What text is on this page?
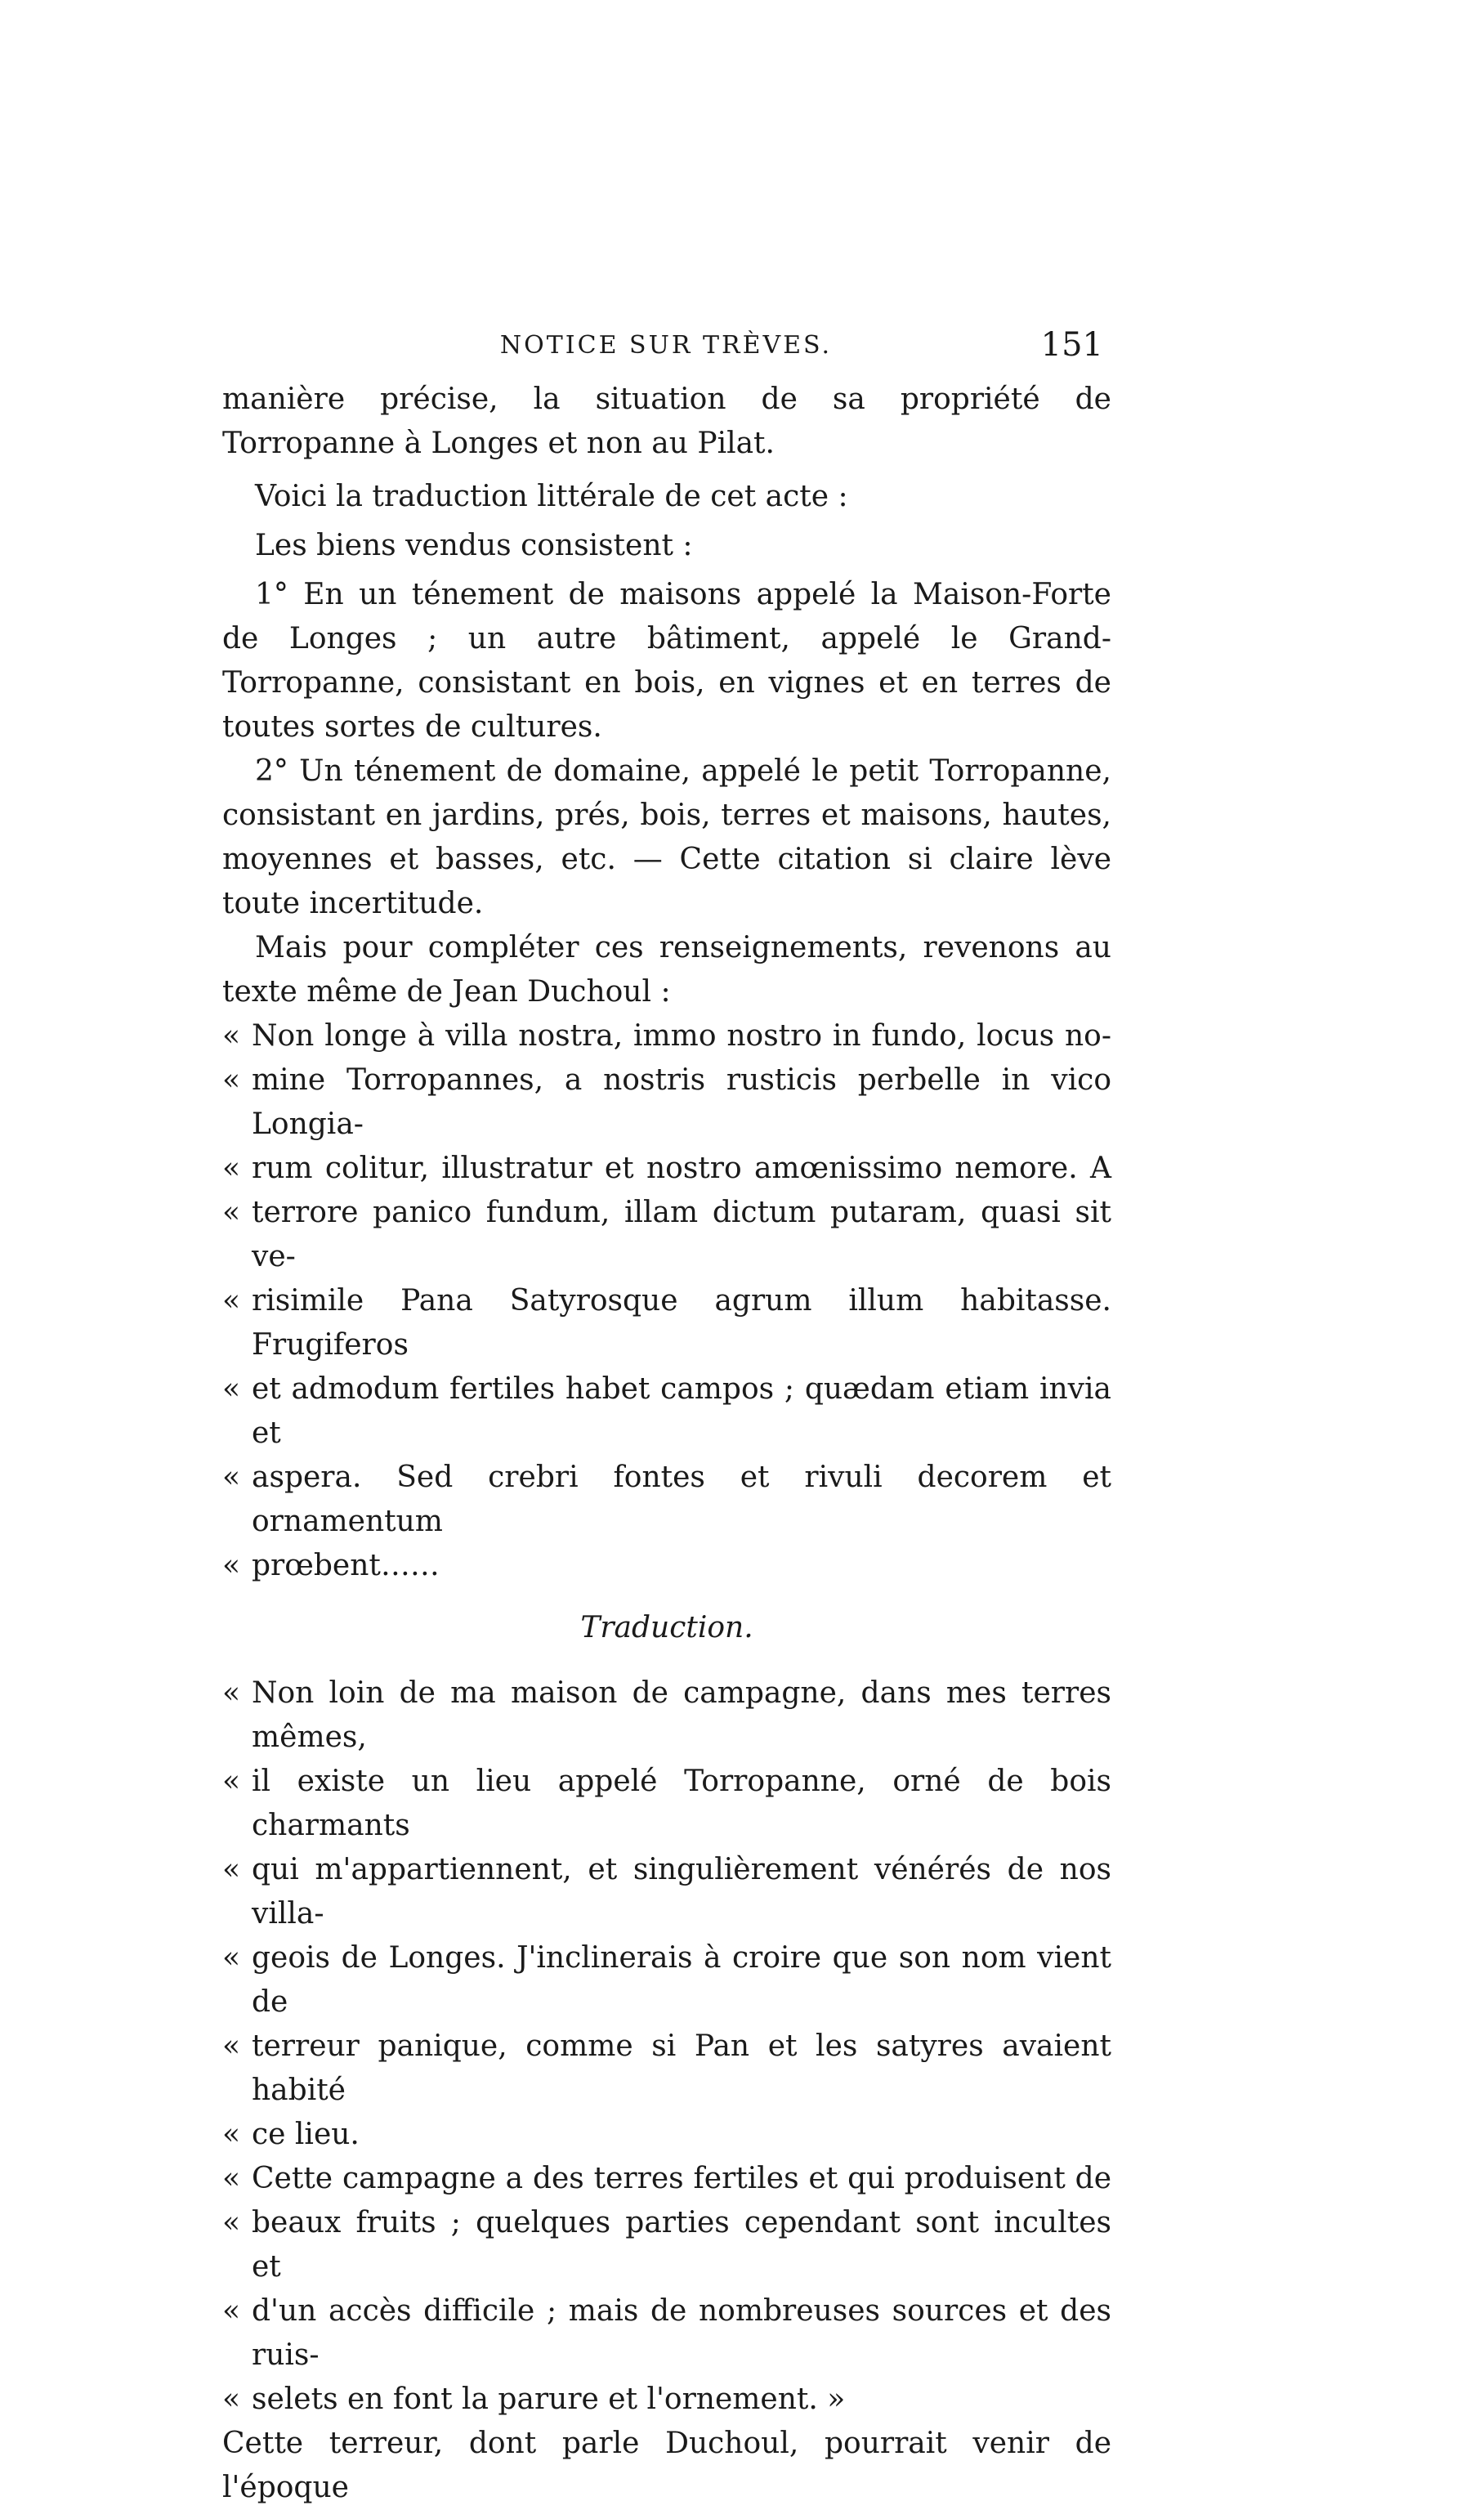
NOTICE SUR TRÈVES.	151

manière précise, la situation de sa propriété de Torropanne à Longes et non au Pilat.

Voici la traduction littérale de cet acte :

Les biens vendus consistent :

1° En un ténement de maisons appelé la Maison-Forte de Longes ; un autre bâtiment, appelé le Grand-Torropanne, consistant en bois, en vignes et en terres de toutes sortes de cultures.

2° Un ténement de domaine, appelé le petit Torropanne, consistant en jardins, prés, bois, terres et maisons, hautes, moyennes et basses, etc. — Cette citation si claire lève toute incertitude.

Mais pour compléter ces renseignements, revenons au texte même de Jean Duchoul :

« Non longe à villa nostra, immo nostro in fundo, locus no-
« mine Torropannes, a nostris rusticis perbelle in vico Longia-
« rum colitur, illustratur et nostro amœnissimo nemore. A
« terrore panico fundum, illam dictum putaram, quasi sit ve-
« risimile Pana Satyrosque agrum illum habitasse. Frugiferos
« et admodum fertiles habet campos ; quædam etiam invia et
« aspera. Sed crebri fontes et rivuli decorem et ornamentum
« prœbent……

Traduction.

« Non loin de ma maison de campagne, dans mes terres mêmes,
« il existe un lieu appelé Torropanne, orné de bois charmants
« qui m'appartiennent, et singulièrement vénérés de nos villa-
« geois de Longes. J'inclinerais à croire que son nom vient de
« terreur panique, comme si Pan et les satyres avaient habité
« ce lieu.
« Cette campagne a des terres fertiles et qui produisent de
« beaux fruits ; quelques parties cependant sont incultes et
« d'un accès difficile ; mais de nombreuses sources et des ruis-
« selets en font la parure et l'ornement. »

Cette terreur, dont parle Duchoul, pourrait venir de l'époque
